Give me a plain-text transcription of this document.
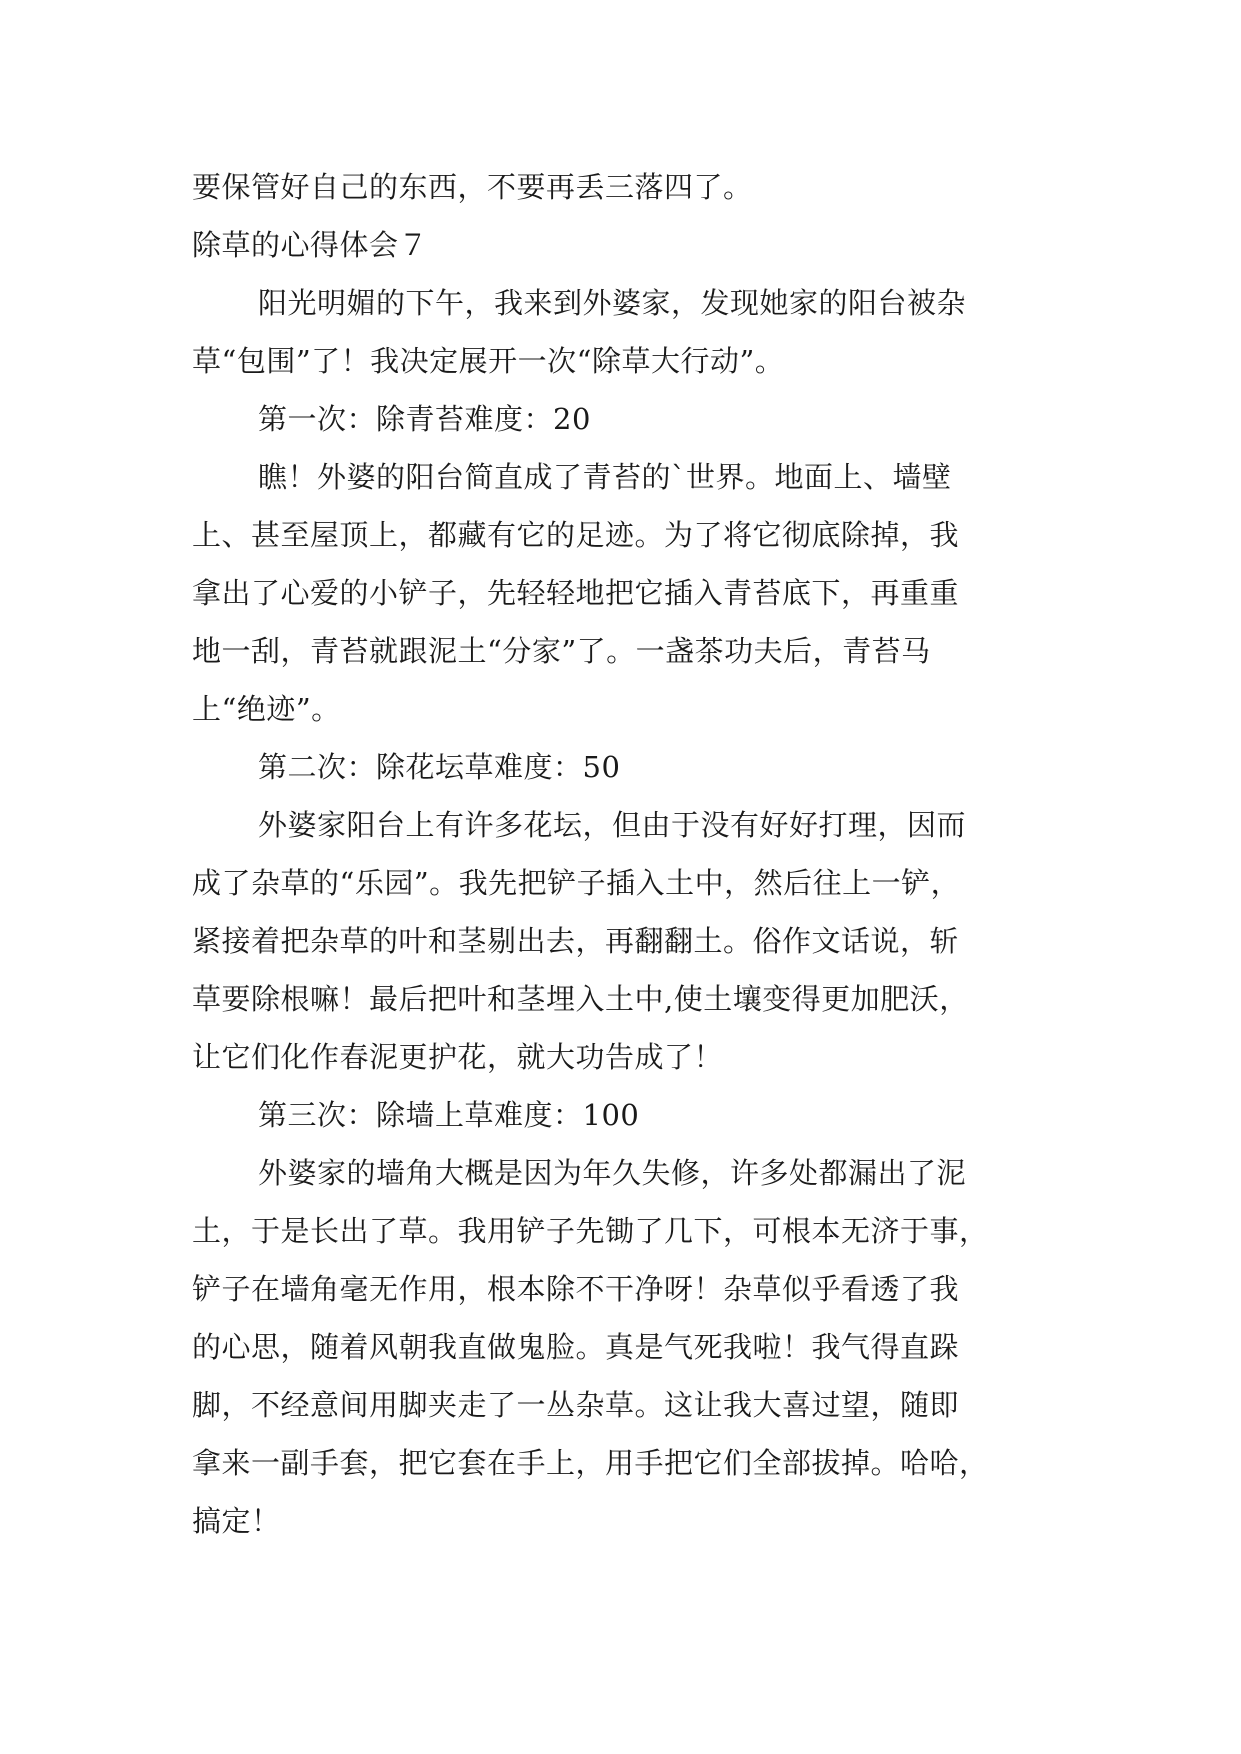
要保管好自己的东西，不要再丢三落四了。
除草的心得体会７
阳光明媚的下午，我来到外婆家，发现她家的阳台被杂
草“包围”了！我决定展开一次“除草大行动”。
第一次：除青苔难度：20
瞧！外婆的阳台简直成了青苔的`世界。地面上、墙壁
上、甚至屋顶上，都藏有它的足迹。为了将它彻底除掉，我
拿出了心爱的小铲子，先轻轻地把它插入青苔底下，再重重
地一刮，青苔就跟泥土“分家”了。一盏茶功夫后，青苔马
上“绝迹”。
第二次：除花坛草难度：50
外婆家阳台上有许多花坛，但由于没有好好打理，因而
成了杂草的“乐园”。我先把铲子插入土中，然后往上一铲，
紧接着把杂草的叶和茎剔出去，再翻翻土。俗作文话说，斩
草要除根嘛！最后把叶和茎埋入土中,使土壤变得更加肥沃，
让它们化作春泥更护花，就大功告成了！
第三次：除墙上草难度：100
外婆家的墙角大概是因为年久失修，许多处都漏出了泥
土，于是长出了草。我用铲子先锄了几下，可根本无济于事，
铲子在墙角毫无作用，根本除不干净呀！杂草似乎看透了我
的心思，随着风朝我直做鬼脸。真是气死我啦！我气得直跺
脚，不经意间用脚夹走了一丛杂草。这让我大喜过望，随即
拿来一副手套，把它套在手上，用手把它们全部拔掉。哈哈，
搞定！
